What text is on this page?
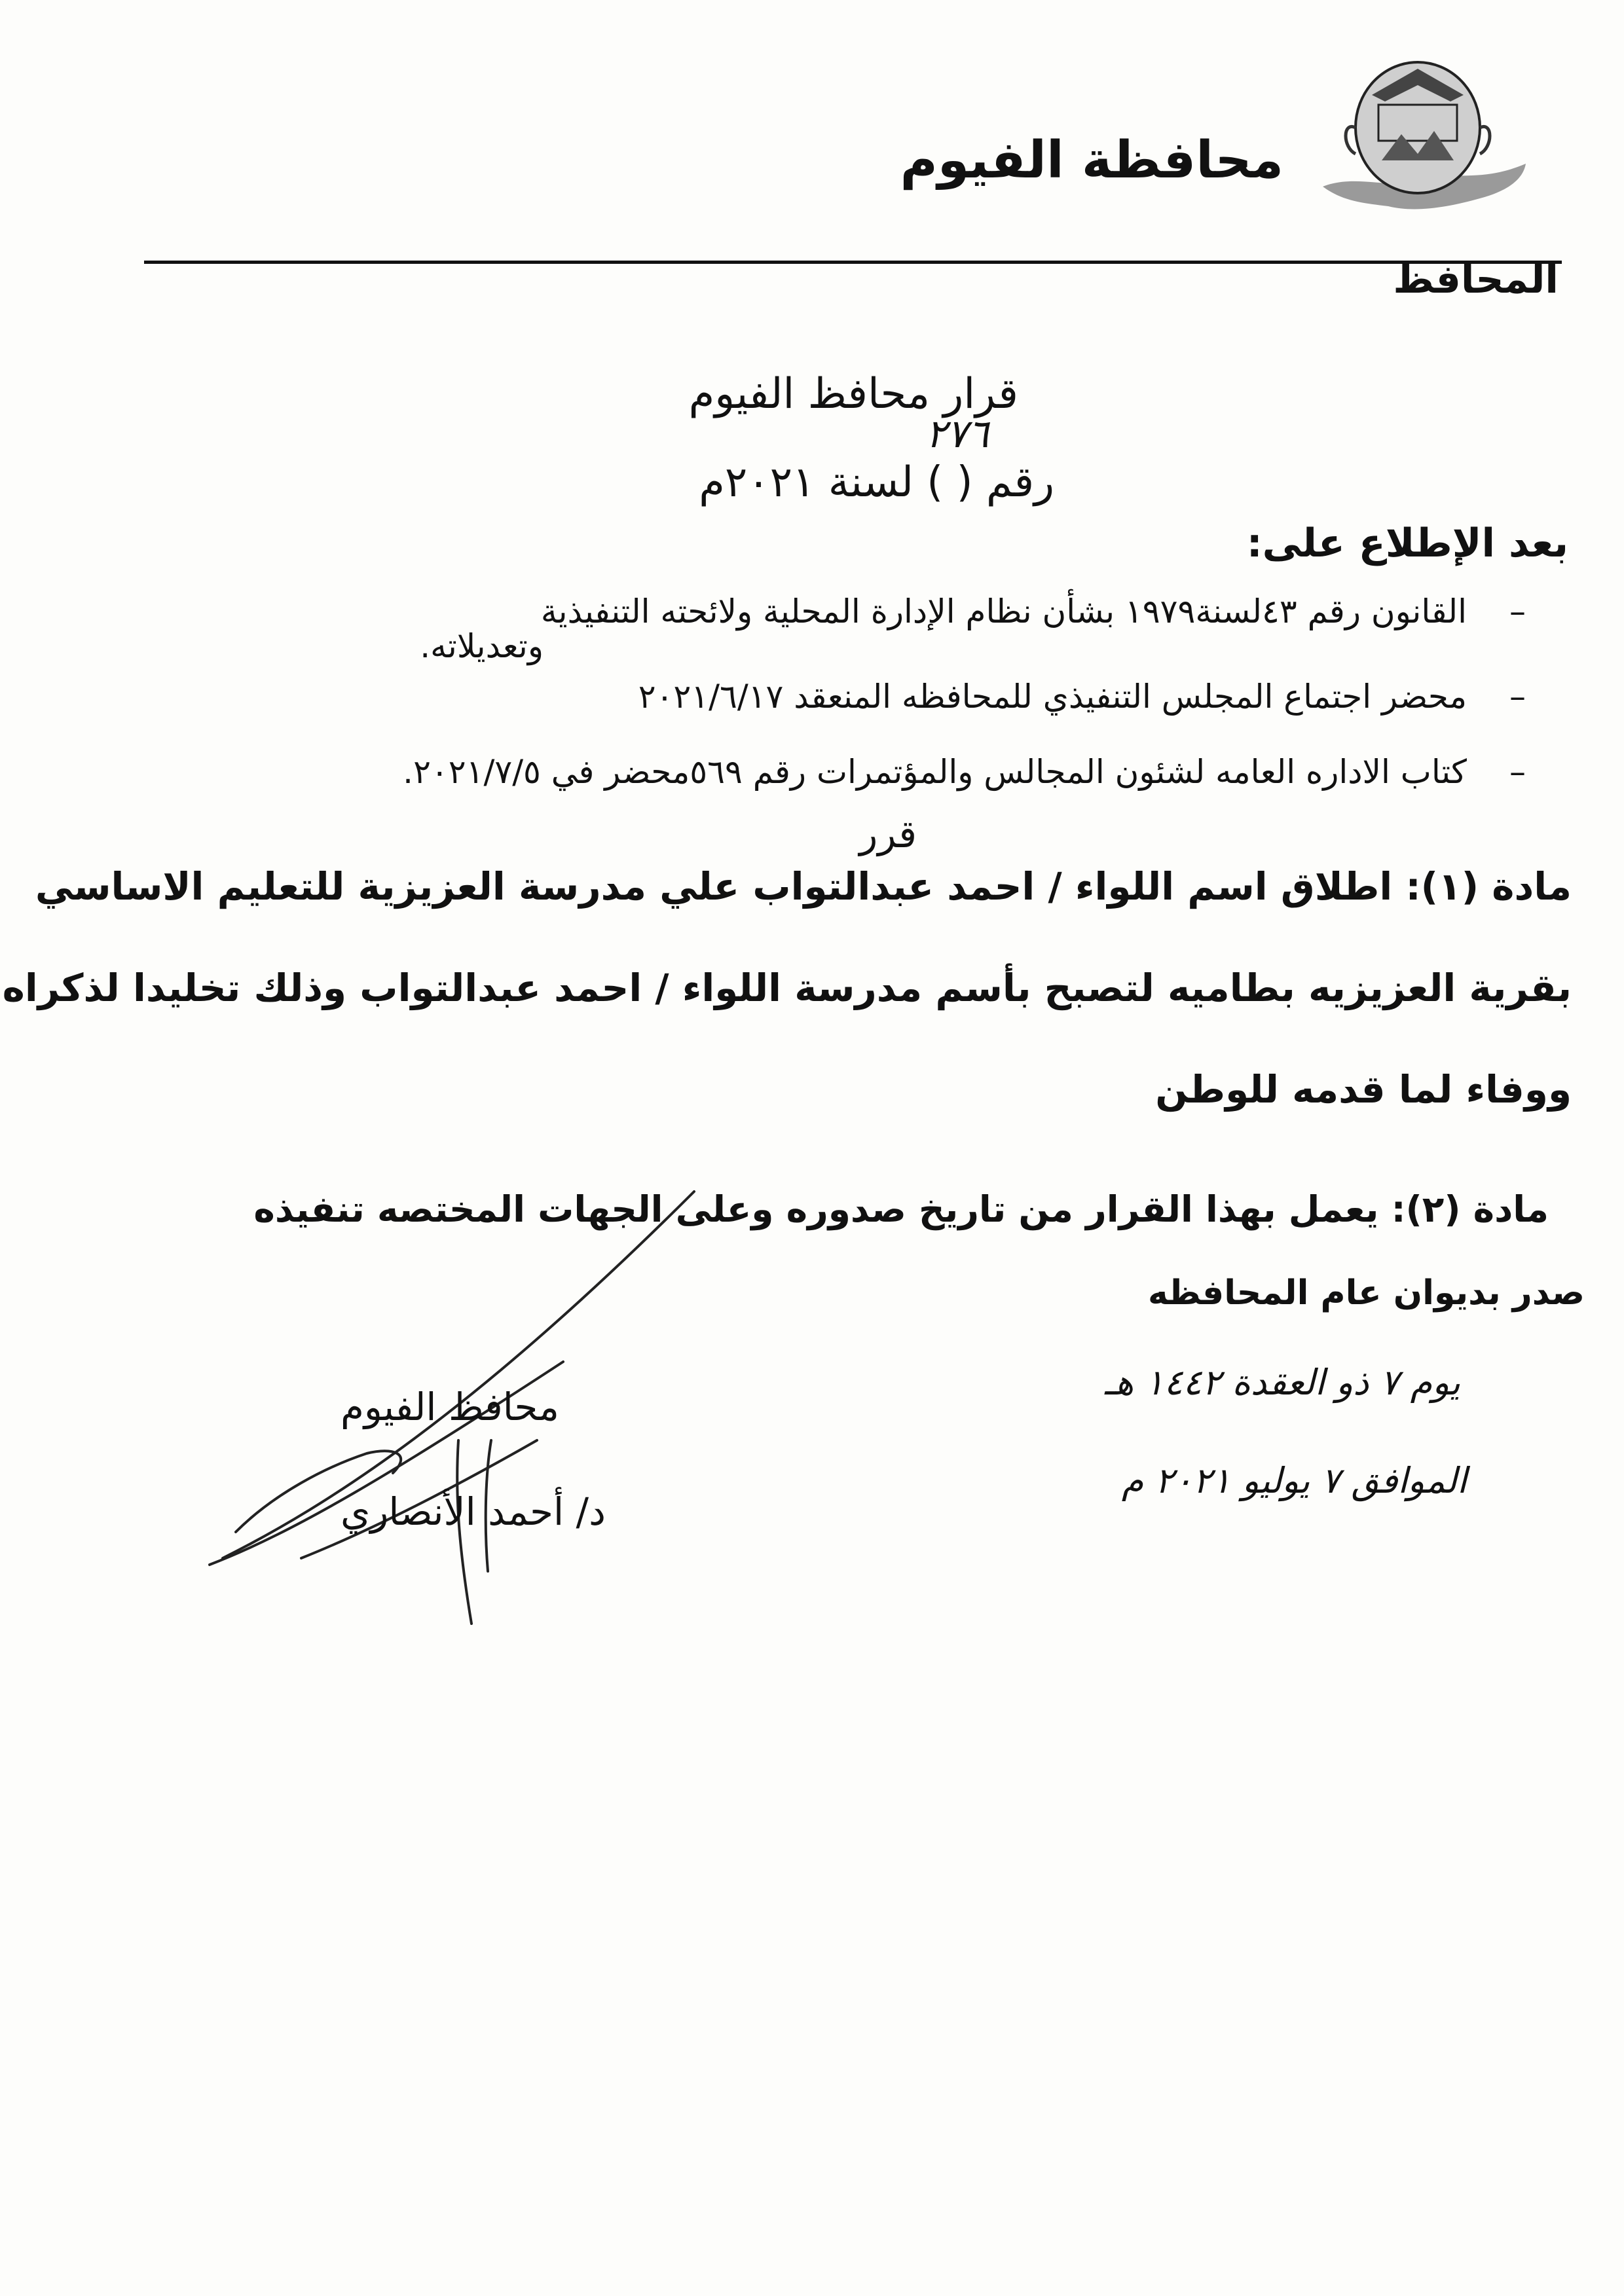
محافظة الفيوم
المحافظ
قرار محافظ الفيوم
٢٧٦
رقم ( ) لسنة ٢٠٢١م
بعد الإطلاع على:
–
القانون رقم ٤٣لسنة١٩٧٩ بشأن نظام الإدارة المحلية ولائحته التنفيذية
وتعديلاته.
–
محضر اجتماع المجلس التنفيذي للمحافظه المنعقد ٢٠٢١/٦/١٧
–
كتاب الاداره العامه لشئون المجالس والمؤتمرات رقم ٥٦٩محضر في ٢٠٢١/٧/٥.
قرر
مادة (١): اطلاق اسم اللواء / احمد عبدالتواب علي مدرسة العزيزية للتعليم الاساسي
بقرية العزيزيه بطاميه لتصبح بأسم مدرسة اللواء / احمد عبدالتواب وذلك تخليدا لذكراه
ووفاء لما قدمه للوطن
مادة (٢): يعمل بهذا القرار من تاريخ صدوره وعلى الجهات المختصه تنفيذه
صدر بديوان عام المحافظه
يوم ٧ ذو العقدة ١٤٤٢ هـ
الموافق ٧ يوليو ٢٠٢١ م
محافظ الفيوم
د/ أحمد الأنصاري
